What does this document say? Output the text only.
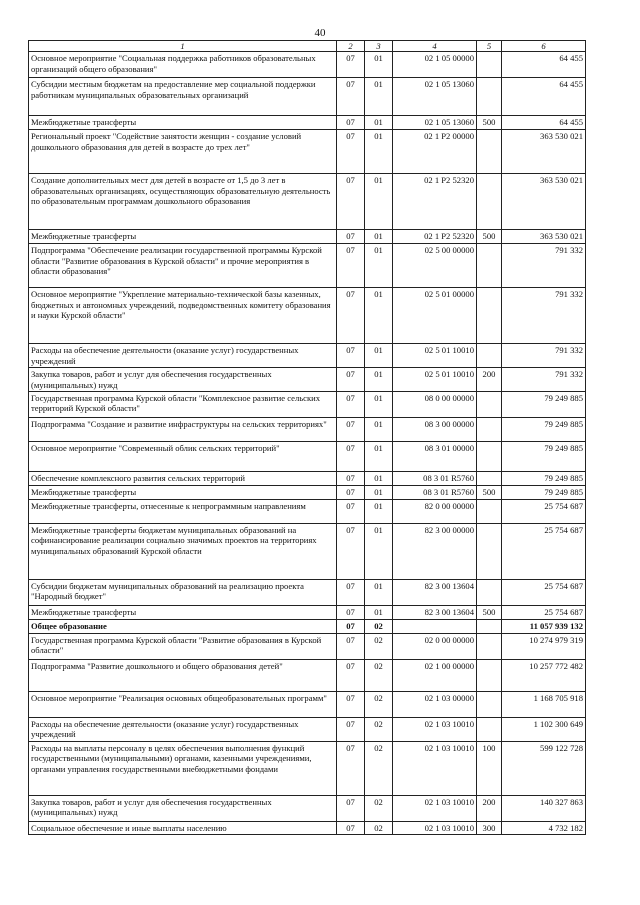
40
1	2	3	4	5	6
Основное мероприятие "Социальная поддержка работников образовательных организаций общего образования"	07	01	02 1 05 00000		64 455
Субсидии местным бюджетам на предоставление мер социальной поддержки работникам муниципальных образовательных организаций	07	01	02 1 05 13060		64 455
Межбюджетные трансферты	07	01	02 1 05 13060	500	64 455
Региональный проект "Содействие занятости женщин - создание условий дошкольного образования для детей в возрасте до трех лет"	07	01	02 1 P2 00000		363 530 021
Создание дополнительных мест для детей в возрасте от 1,5 до 3 лет в образовательных организациях, осуществляющих образовательную деятельность по образовательным программам дошкольного образования	07	01	02 1 P2 52320		363 530 021
Межбюджетные трансферты	07	01	02 1 P2 52320	500	363 530 021
Подпрограмма "Обеспечение реализации государственной программы Курской области "Развитие образования в Курской области" и прочие мероприятия в области образования"	07	01	02 5 00 00000		791 332
Основное мероприятие "Укрепление материально-технической базы казенных, бюджетных и автономных учреждений, подведомственных комитету образования и науки Курской области"	07	01	02 5 01 00000		791 332
Расходы на обеспечение деятельности (оказание услуг) государственных учреждений	07	01	02 5 01 10010		791 332
Закупка товаров, работ и услуг для обеспечения государственных (муниципальных) нужд	07	01	02 5 01 10010	200	791 332
Государственная программа Курской области "Комплексное развитие сельских территорий Курской области"	07	01	08 0 00 00000		79 249 885
Подпрограмма "Создание и развитие инфраструктуры на сельских территориях"	07	01	08 3 00 00000		79 249 885
Основное мероприятие "Современный облик сельских территорий"	07	01	08 3 01 00000		79 249 885
Обеспечение комплексного развития сельских территорий	07	01	08 3 01 R5760		79 249 885
Межбюджетные трансферты	07	01	08 3 01 R5760	500	79 249 885
Межбюджетные трансферты, отнесенные к непрограммным направлениям	07	01	82 0 00 00000		25 754 687
Межбюджетные трансферты бюджетам муниципальных образований на софинансирование реализации социально значимых проектов на территориях муниципальных образований Курской области	07	01	82 3 00 00000		25 754 687
Субсидии бюджетам муниципальных образований на реализацию проекта "Народный бюджет"	07	01	82 3 00 13604		25 754 687
Межбюджетные трансферты	07	01	82 3 00 13604	500	25 754 687
Общее образование	07	02			11 057 939 132
Государственная программа Курской области "Развитие образования в Курской области"	07	02	02 0 00 00000		10 274 979 319
Подпрограмма "Развитие дошкольного и общего образования детей"	07	02	02 1 00 00000		10 257 772 482
Основное мероприятие "Реализация основных общеобразовательных программ"	07	02	02 1 03 00000		1 168 705 918
Расходы на обеспечение деятельности (оказание услуг) государственных учреждений	07	02	02 1 03 10010		1 102 300 649
Расходы на выплаты персоналу в целях обеспечения выполнения функций государственными (муниципальными) органами, казенными учреждениями, органами управления государственными внебюджетными фондами	07	02	02 1 03 10010	100	599 122 728
Закупка товаров, работ и услуг для обеспечения государственных (муниципальных) нужд	07	02	02 1 03 10010	200	140 327 863
Социальное обеспечение и иные выплаты населению	07	02	02 1 03 10010	300	4 732 182
